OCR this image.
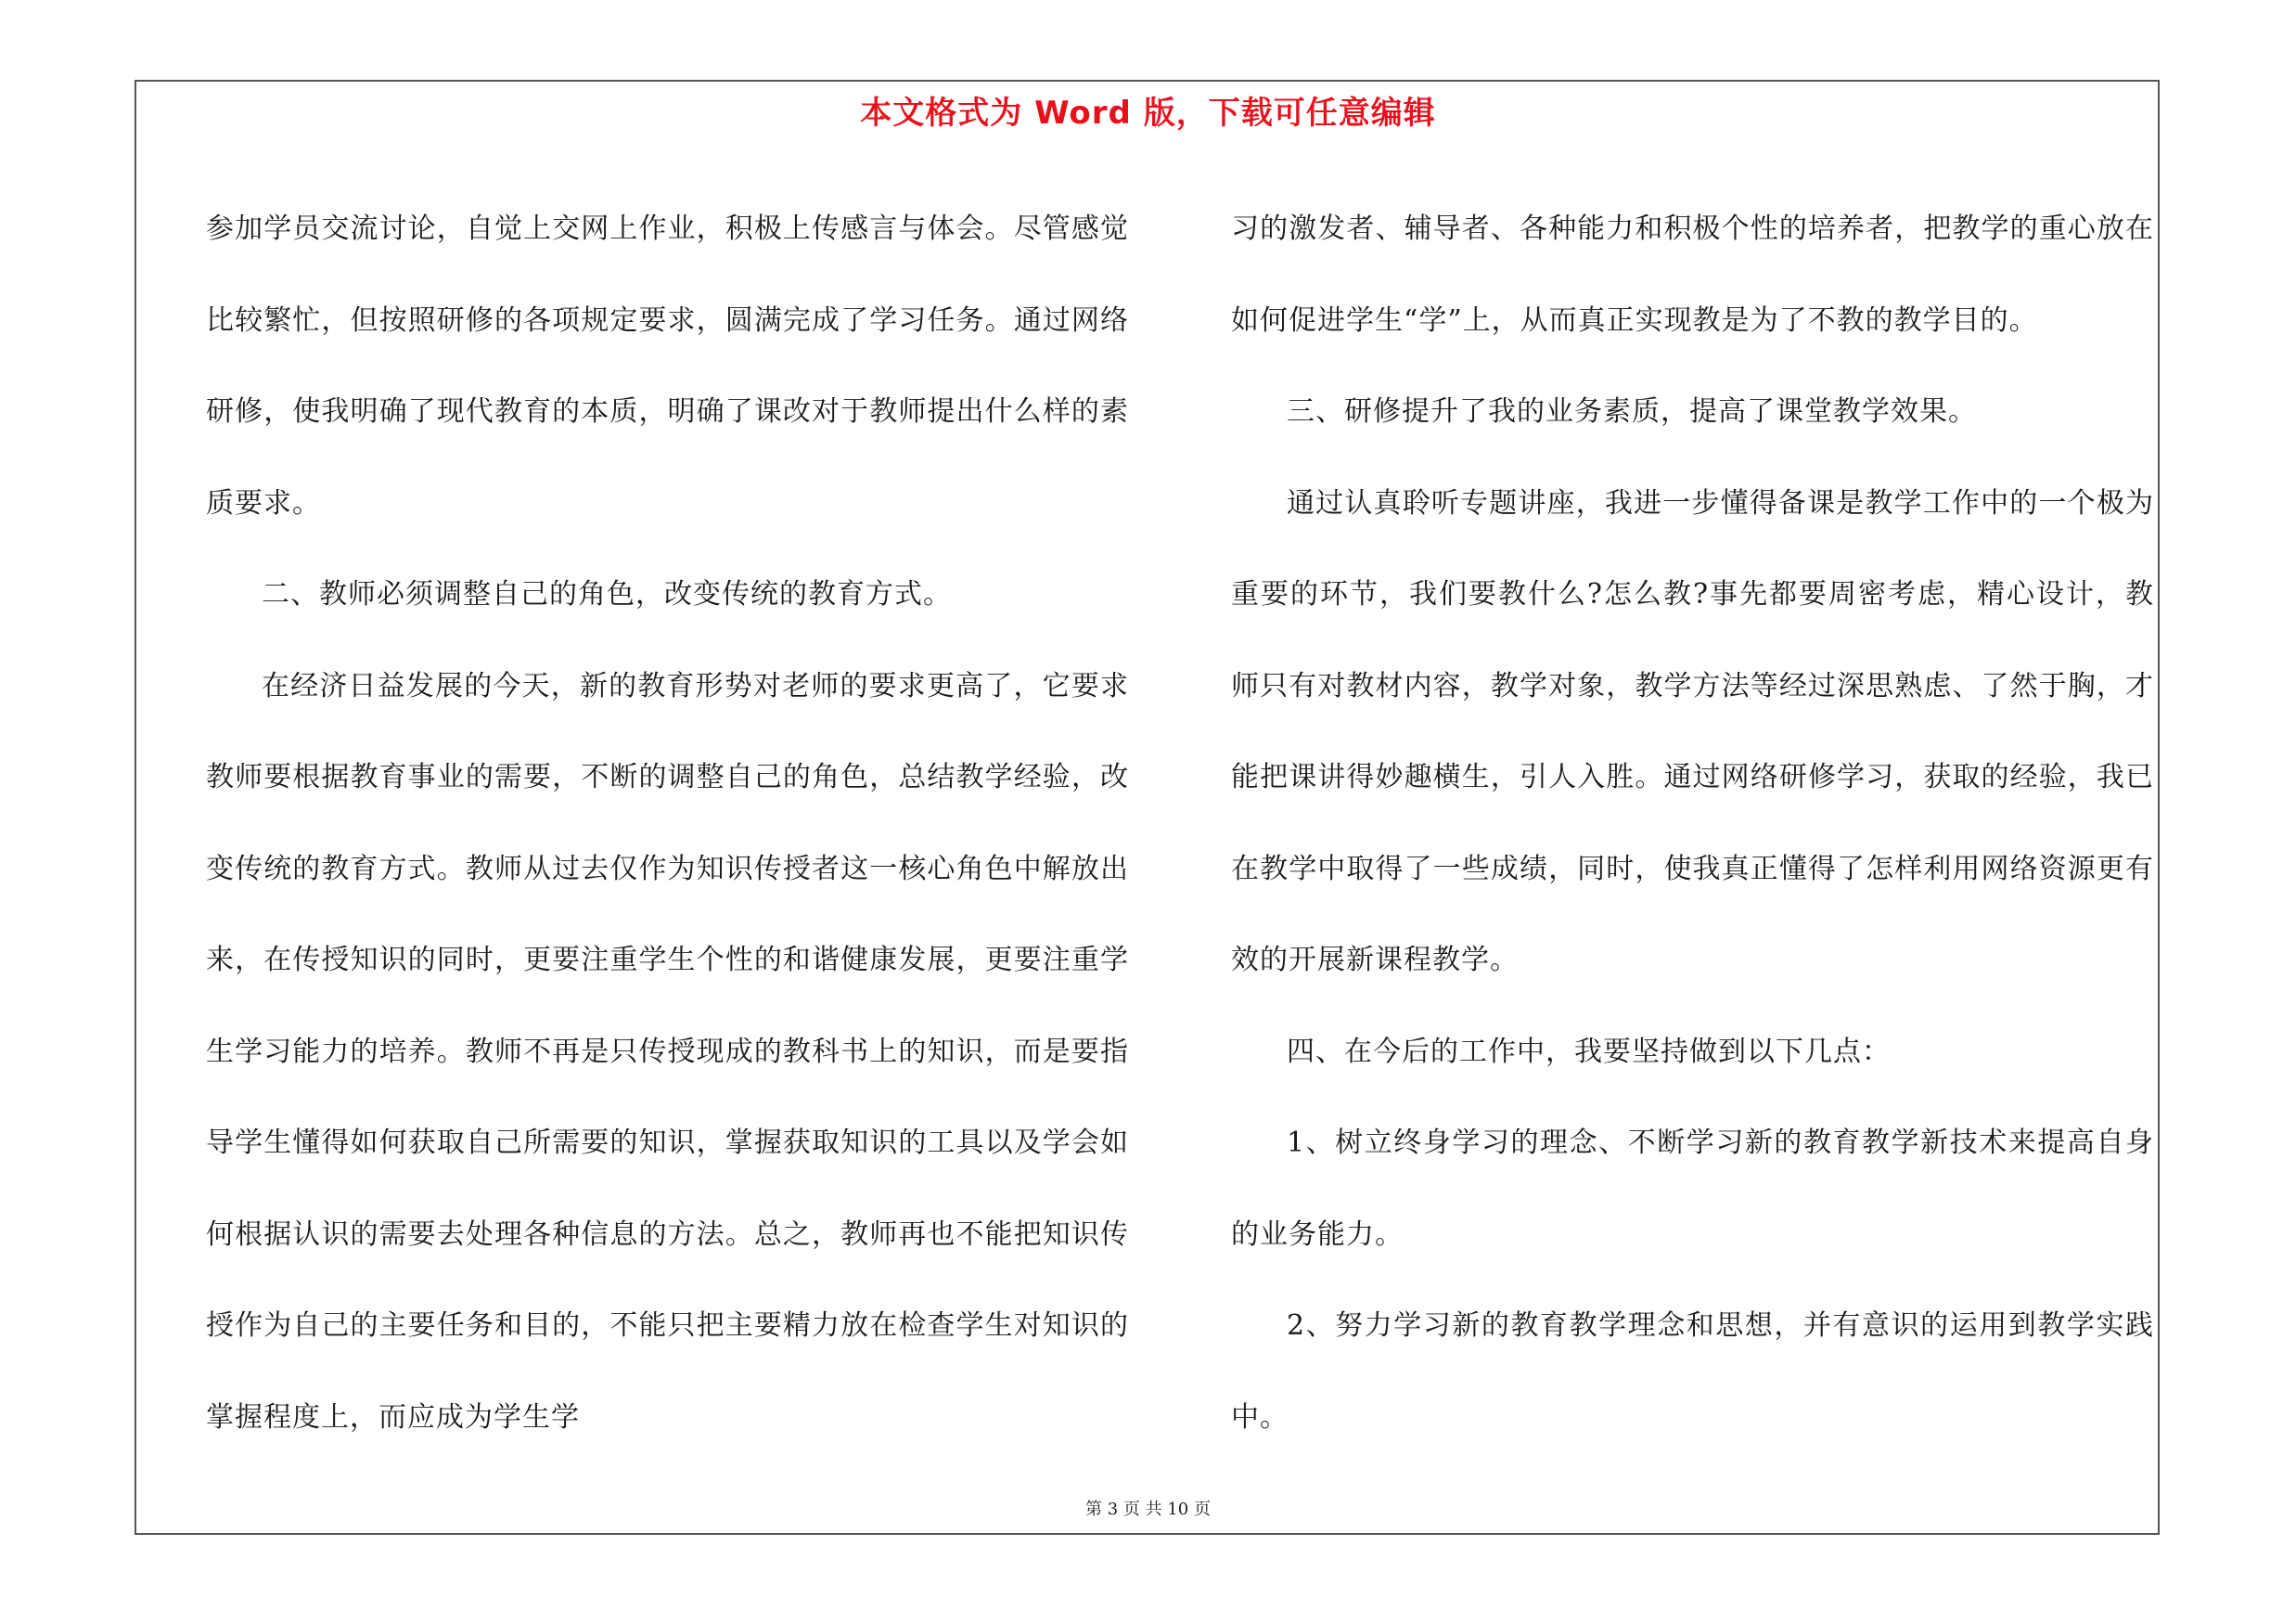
本文格式为 Word 版，下载可任意编辑

参加学员交流讨论，自觉上交网上作业，积极上传感言与体会。尽管感觉比较繁忙，但按照研修的各项规定要求，圆满完成了学习任务。通过网络研修，使我明确了现代教育的本质，明确了课改对于教师提出什么样的素质要求。

二、教师必须调整自己的角色，改变传统的教育方式。

在经济日益发展的今天，新的教育形势对老师的要求更高了，它要求教师要根据教育事业的需要，不断的调整自己的角色，总结教学经验，改变传统的教育方式。教师从过去仅作为知识传授者这一核心角色中解放出来，在传授知识的同时，更要注重学生个性的和谐健康发展，更要注重学生学习能力的培养。教师不再是只传授现成的教科书上的知识，而是要指导学生懂得如何获取自己所需要的知识，掌握获取知识的工具以及学会如何根据认识的需要去处理各种信息的方法。总之，教师再也不能把知识传授作为自己的主要任务和目的，不能只把主要精力放在检查学生对知识的掌握程度上，而应成为学生学

习的激发者、辅导者、各种能力和积极个性的培养者，把教学的重心放在如何促进学生“学”上，从而真正实现教是为了不教的教学目的。

三、研修提升了我的业务素质，提高了课堂教学效果。

通过认真聆听专题讲座，我进一步懂得备课是教学工作中的一个极为重要的环节，我们要教什么?怎么教?事先都要周密考虑，精心设计，教师只有对教材内容，教学对象，教学方法等经过深思熟虑、了然于胸，才能把课讲得妙趣横生，引人入胜。通过网络研修学习，获取的经验，我已在教学中取得了一些成绩，同时，使我真正懂得了怎样利用网络资源更有效的开展新课程教学。

四、在今后的工作中，我要坚持做到以下几点：

1、树立终身学习的理念、不断学习新的教育教学新技术来提高自身的业务能力。

2、努力学习新的教育教学理念和思想，并有意识的运用到教学实践中。

第 3 页 共 10 页
